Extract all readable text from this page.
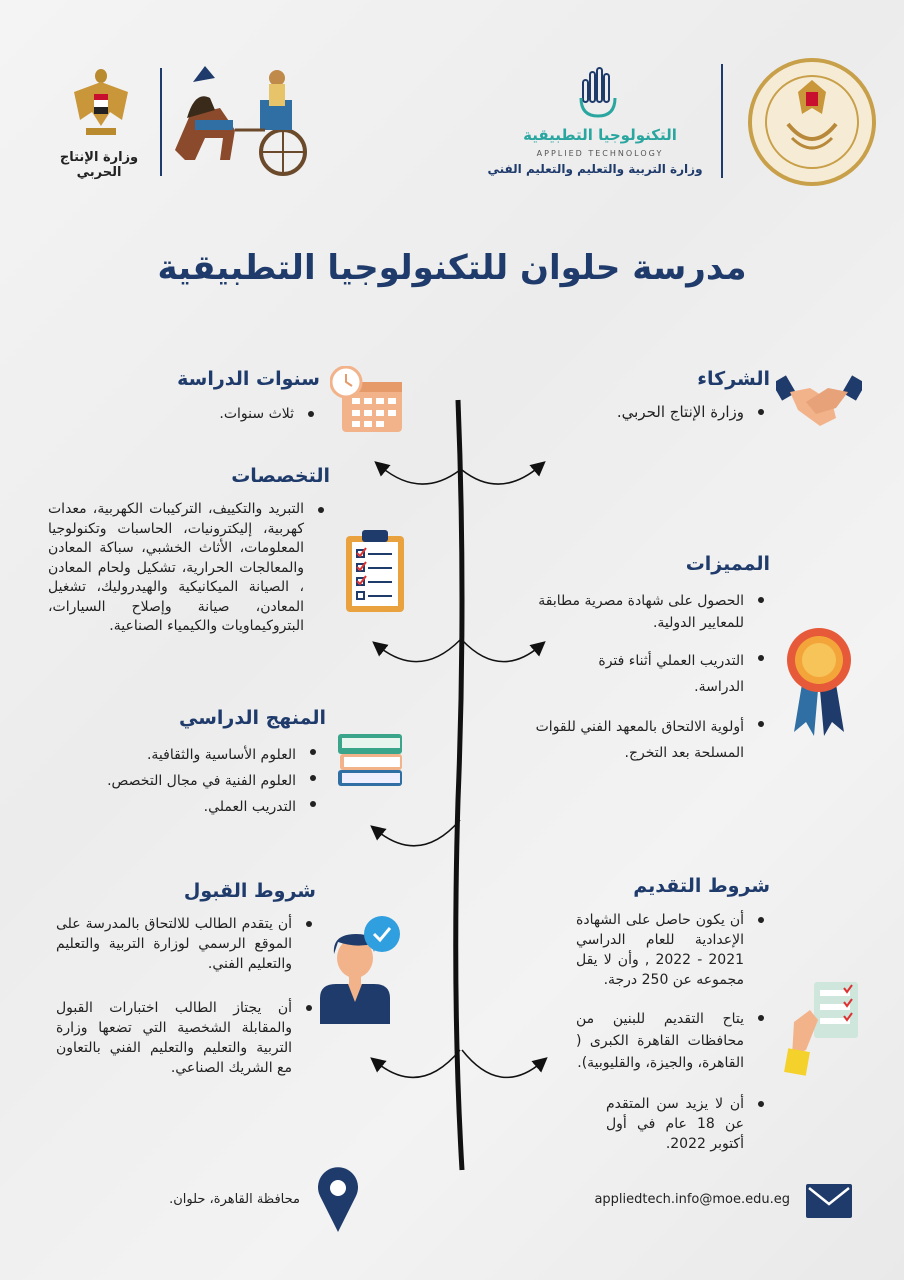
وزارة الإنتاج الحربي
التكنولوجيا التطبيقية
APPLIED TECHNOLOGY
وزارة التربية والتعليم والتعليم الفني
مدرسة حلوان للتكنولوجيا التطبيقية
الشركاء
وزارة الإنتاج الحربي.
المميزات
الحصول على شهادة مصرية مطابقة للمعايير الدولية.
التدريب العملي أثناء فترة الدراسة.
أولوية الالتحاق بالمعهد الفني للقوات المسلحة بعد التخرج.
شروط التقديم
أن يكون حاصل على الشهادة الإعدادية للعام الدراسي 2021 - 2022 , وأن لا يقل مجموعه عن 250 درجة.
يتاح التقديم للبنين من محافظات القاهرة الكبرى ( القاهرة، والجيزة، والقليوبية).
أن لا يزيد سن المتقدم عن 18 عام في أول أكتوبر 2022.
سنوات الدراسة
ثلاث سنوات.
التخصصات
التبريد والتكييف، التركيبات الكهربية، معدات كهربية، إليكترونيات، الحاسبات وتكنولوجيا المعلومات، الأثاث الخشبي، سباكة المعادن والمعالجات الحرارية، تشكيل ولحام المعادن ، الصيانة الميكانيكية والهيدروليك، تشغيل المعادن، صيانة وإصلاح السيارات، البتروكيماويات والكيمياء الصناعية.
المنهج الدراسي
العلوم الأساسية والثقافية.
العلوم الفنية في مجال التخصص.
التدريب العملي.
شروط القبول
أن يتقدم الطالب للالتحاق بالمدرسة على الموقع الرسمي لوزارة التربية والتعليم والتعليم الفني.
أن يجتاز الطالب اختبارات القبول والمقابلة الشخصية التي تضعها وزارة التربية والتعليم والتعليم الفني بالتعاون مع الشريك الصناعي.
محافظة القاهرة، حلوان.	appliedtech.info@moe.edu.eg
